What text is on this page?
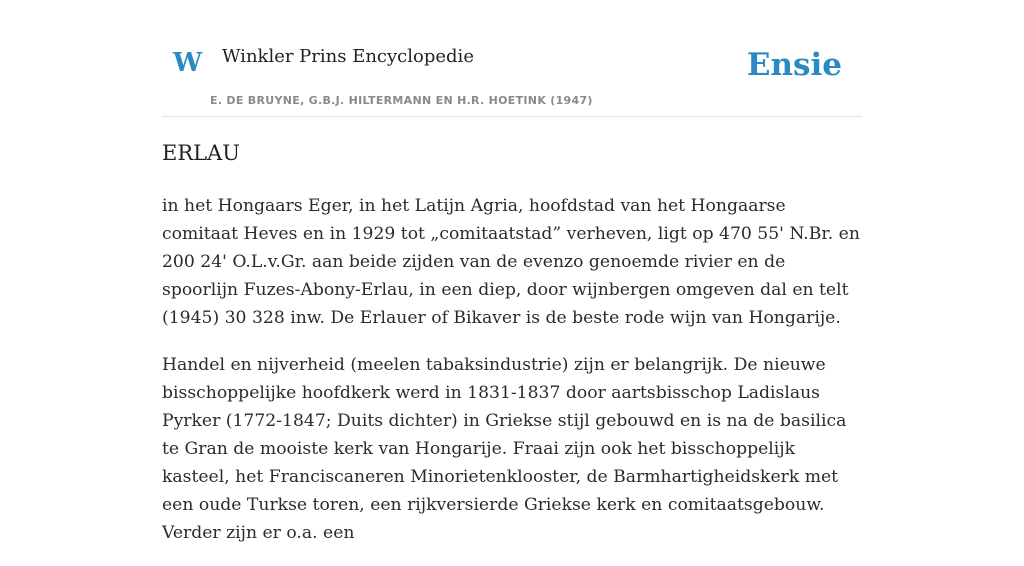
W Winkler Prins Encyclopedie
E. DE BRUYNE, G.B.J. HILTERMANN EN H.R. HOETINK (1947)
Ensie
ERLAU

in het Hongaars Eger, in het Latijn Agria, hoofdstad van het Hongaarse comitaat Heves en in 1929 tot „comitaatstad” verheven, ligt op 470 55' N.Br. en 200 24' O.L.v.Gr. aan beide zijden van de evenzo genoemde rivier en de spoorlijn Fuzes-Abony-Erlau, in een diep, door wijnbergen omgeven dal en telt (1945) 30 328 inw. De Erlauer of Bikaver is de beste rode wijn van Hongarije.

Handel en nijverheid (meelen tabaksindustrie) zijn er belangrijk. De nieuwe bisschoppelijke hoofdkerk werd in 1831-1837 door aartsbisschop Ladislaus Pyrker (1772-1847; Duits dichter) in Griekse stijl gebouwd en is na de basilica te Gran de mooiste kerk van Hongarije. Fraai zijn ook het bisschoppelijk kasteel, het Franciscaneren Minorietenklooster, de Barmhartigheidskerk met een oude Turkse toren, een rijkversierde Griekse kerk en comitaatsgebouw. Verder zijn er o.a. een
